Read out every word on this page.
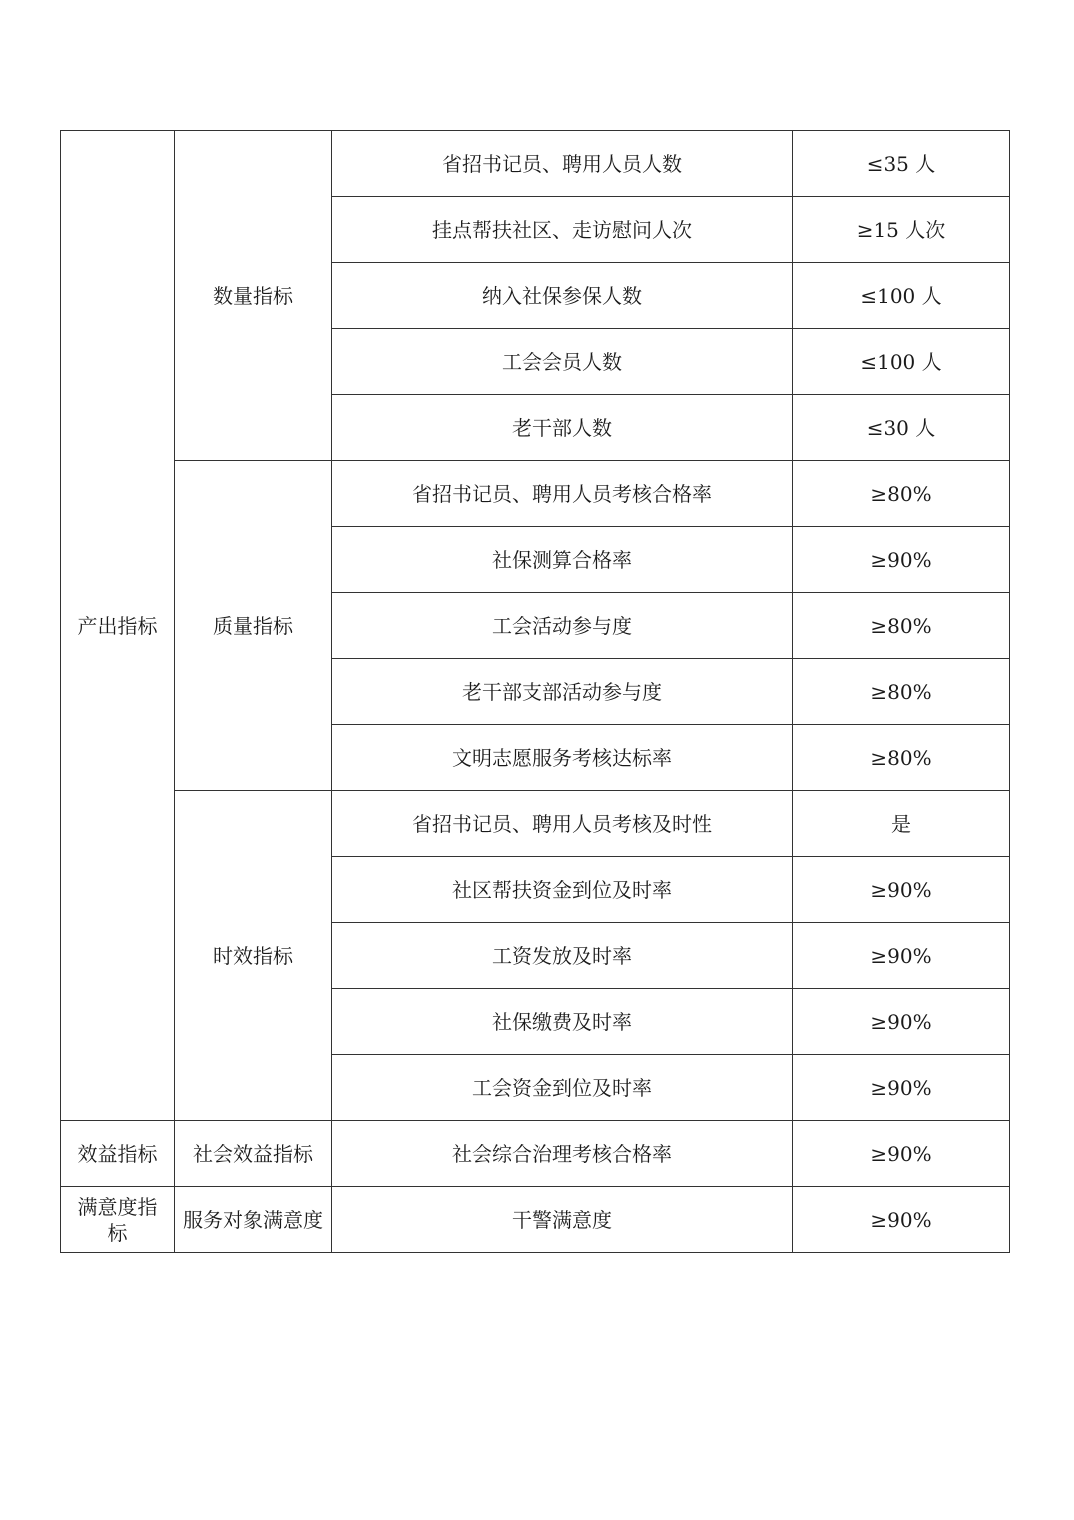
产出指标	数量指标	省招书记员、聘用人员人数	≤35 人
		挂点帮扶社区、走访慰问人次	≥15 人次
		纳入社保参保人数	≤100 人
		工会会员人数	≤100 人
		老干部人数	≤30 人
	质量指标	省招书记员、聘用人员考核合格率	≥80%
		社保测算合格率	≥90%
		工会活动参与度	≥80%
		老干部支部活动参与度	≥80%
		文明志愿服务考核达标率	≥80%
	时效指标	省招书记员、聘用人员考核及时性	是
		社区帮扶资金到位及时率	≥90%
		工资发放及时率	≥90%
		社保缴费及时率	≥90%
		工会资金到位及时率	≥90%
效益指标	社会效益指标	社会综合治理考核合格率	≥90%
满意度指标	服务对象满意度	干警满意度	≥90%
